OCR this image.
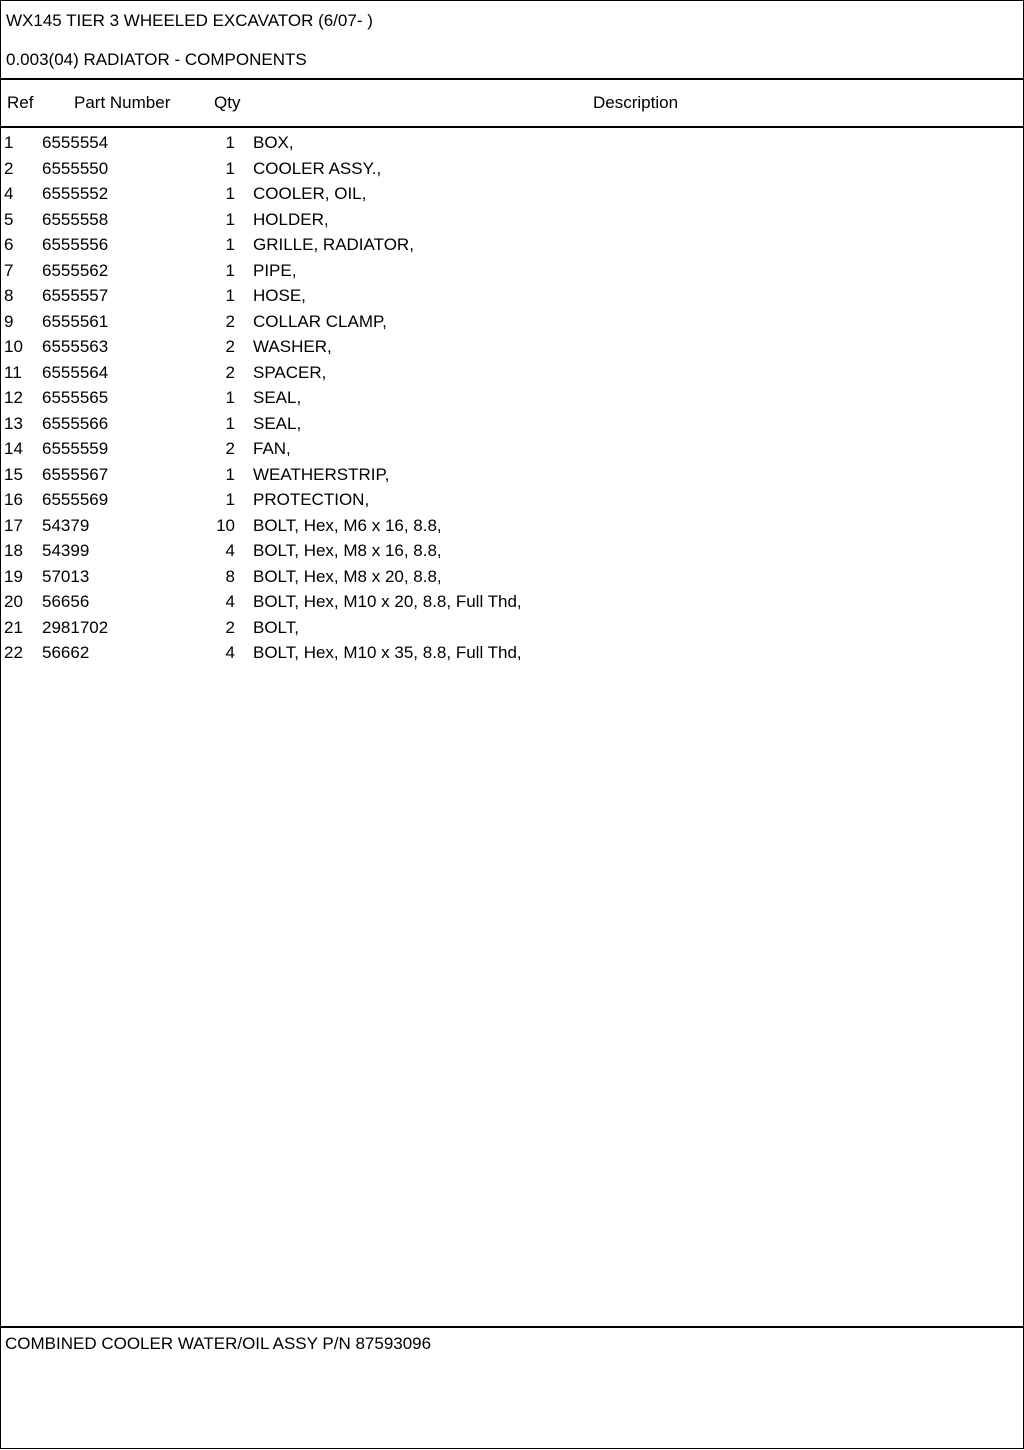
WX145 TIER 3 WHEELED EXCAVATOR (6/07- )
0.003(04) RADIATOR - COMPONENTS
Ref Part Number	Qty	Description
1 6555554	1 BOX,
2 6555550	1 COOLER ASSY.,
4 6555552	1 COOLER, OIL,
5 6555558	1 HOLDER,
6 6555556	1 GRILLE, RADIATOR,
7 6555562	1 PIPE,
8 6555557	1 HOSE,
9 6555561	2 COLLAR CLAMP,
10 6555563	2 WASHER,
11 6555564	2 SPACER,
12 6555565	1 SEAL,
13 6555566	1 SEAL,
14 6555559	2 FAN,
15 6555567	1 WEATHERSTRIP,
16 6555569	1 PROTECTION,
17 54379	10 BOLT, Hex, M6 x 16, 8.8,
18 54399	4 BOLT, Hex, M8 x 16, 8.8,
19 57013	8 BOLT, Hex, M8 x 20, 8.8,
20 56656	4 BOLT, Hex, M10 x 20, 8.8, Full Thd,
21 2981702	2 BOLT,
22 56662	4 BOLT, Hex, M10 x 35, 8.8, Full Thd,
COMBINED COOLER WATER/OIL ASSY P/N 87593096
